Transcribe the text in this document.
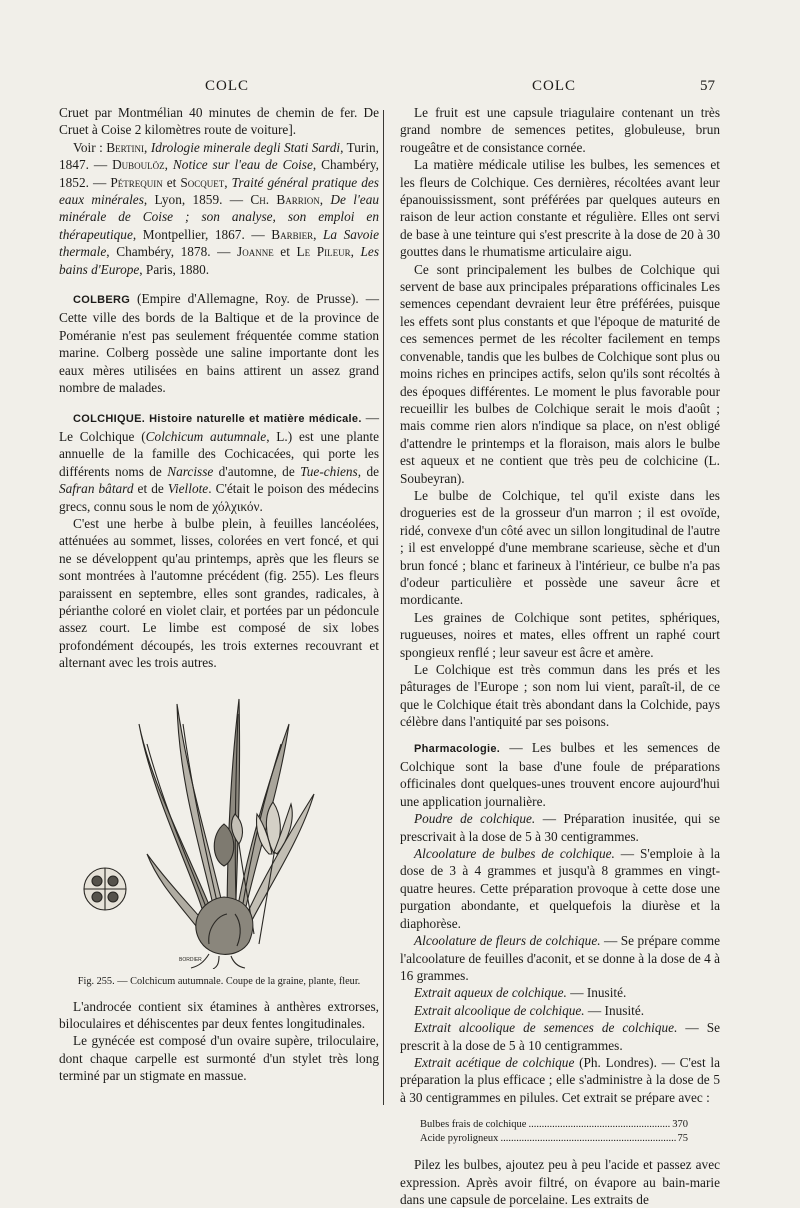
COLC	COLC	57

Cruet par Montmélian 40 minutes de chemin de fer. De Cruet à Coise 2 kilomètres route de voiture].

Voir : Bertini, Idrologie minerale degli Stati Sardi, Turin, 1847. — Duboulöz, Notice sur l'eau de Coise, Chambéry, 1852. — Pétrequin et Socquet, Traité général pratique des eaux minérales, Lyon, 1859. — Ch. Barrion, De l'eau minérale de Coise ; son analyse, son emploi en thérapeutique, Montpellier, 1867. — Barbier, La Savoie thermale, Chambéry, 1878. — Joanne et Le Pileur, Les bains d'Europe, Paris, 1880.

COLBERG (Empire d'Allemagne, Roy. de Prusse). — Cette ville des bords de la Baltique et de la province de Poméranie n'est pas seulement fréquentée comme station marine. Colberg possède une saline importante dont les eaux mères utilisées en bains attirent un assez grand nombre de malades.

COLCHIQUE. Histoire naturelle et matière médicale. — Le Colchique (Colchicum autumnale, L.) est une plante annuelle de la famille des Cochicacées, qui porte les différents noms de Narcisse d'automne, de Tue-chiens, de Safran bâtard et de Viellote. C'était le poison des médecins grecs, connu sous le nom de χόλχικόν.

C'est une herbe à bulbe plein, à feuilles lancéolées, atténuées au sommet, lisses, colorées en vert foncé, et qui ne se développent qu'au printemps, après que les fleurs se sont montrées à l'automne précédent (fig. 255). Les fleurs paraissent en septembre, elles sont grandes, radicales, à périanthe coloré en violet clair, et portées par un pédoncule assez court. Le limbe est composé de six lobes profondément découpés, les trois externes recouvrant et alternant avec les trois autres.

BORDIER

Fig. 255. — Colchicum autumnale. Coupe de la graine, plante, fleur.

L'androcée contient six étamines à anthères extrorses, biloculaires et déhiscentes par deux fentes longitudinales.

Le gynécée est composé d'un ovaire supère, triloculaire, dont chaque carpelle est surmonté d'un stylet très long terminé par un stigmate en massue.

Le fruit est une capsule triagulaire contenant un très grand nombre de semences petites, globuleuse, brun rougeâtre et de consistance cornée.

La matière médicale utilise les bulbes, les semences et les fleurs de Colchique. Ces dernières, récoltées avant leur épanouississment, sont préférées par quelques auteurs en raison de leur action constante et régulière. Elles ont servi de base à une teinture qui s'est prescrite à la dose de 20 à 30 gouttes dans le rhumatisme articulaire aigu.

Ce sont principalement les bulbes de Colchique qui servent de base aux principales préparations officinales Les semences cependant devraient leur être préférées, puisque les effets sont plus constants et que l'époque de maturité de ces semences permet de les récolter facilement en temps convenable, tandis que les bulbes de Colchique sont plus ou moins riches en principes actifs, selon qu'ils sont récoltés à des époques différentes. Le moment le plus favorable pour recueillir les bulbes de Colchique serait le mois d'août ; mais comme rien alors n'indique sa place, on n'est obligé d'attendre le printemps et la floraison, mais alors le bulbe est aqueux et ne contient que très peu de colchicine (L. Soubeyran).

Le bulbe de Colchique, tel qu'il existe dans les drogueries est de la grosseur d'un marron ; il est ovoïde, ridé, convexe d'un côté avec un sillon longitudinal de l'autre ; il est enveloppé d'une membrane scarieuse, sèche et d'un brun foncé ; blanc et farineux à l'intérieur, ce bulbe n'a pas d'odeur particulière et possède une saveur âcre et mordicante.

Les graines de Colchique sont petites, sphériques, rugueuses, noires et mates, elles offrent un raphé court spongieux renflé ; leur saveur est âcre et amère.

Le Colchique est très commun dans les prés et les pâturages de l'Europe ; son nom lui vient, paraît-il, de ce que le Colchique était très abondant dans la Colchide, pays célèbre dans l'antiquité par ses poisons.

Pharmacologie. — Les bulbes et les semences de Colchique sont la base d'une foule de préparations officinales dont quelques-unes trouvent encore aujourd'hui une application journalière.

Poudre de colchique. — Préparation inusitée, qui se prescrivait à la dose de 5 à 30 centigrammes.

Alcoolature de bulbes de colchique. — S'emploie à la dose de 3 à 4 grammes et jusqu'à 8 grammes en vingt-quatre heures. Cette préparation provoque à cette dose une purgation abondante, et quelquefois la diurèse et la diaphorèse.

Alcoolature de fleurs de colchique. — Se prépare comme l'alcoolature de feuilles d'aconit, et se donne à la dose de 4 à 16 grammes.

Extrait aqueux de colchique. — Inusité.

Extrait alcoolique de colchique. — Inusité.

Extrait alcoolique de semences de colchique. — Se prescrit à la dose de 5 à 10 centigrammes.

Extrait acétique de colchique (Ph. Londres). — C'est la préparation la plus efficace ; elle s'administre à la dose de 5 à 30 centigrammes en pilules. Cet extrait se prépare avec :

Bulbes frais de colchique .....	370
Acide pyroligneux .....	75

Pilez les bulbes, ajoutez peu à peu l'acide et passez avec expression. Après avoir filtré, on évapore au bain-marie dans une capsule de porcelaine. Les extraits de
